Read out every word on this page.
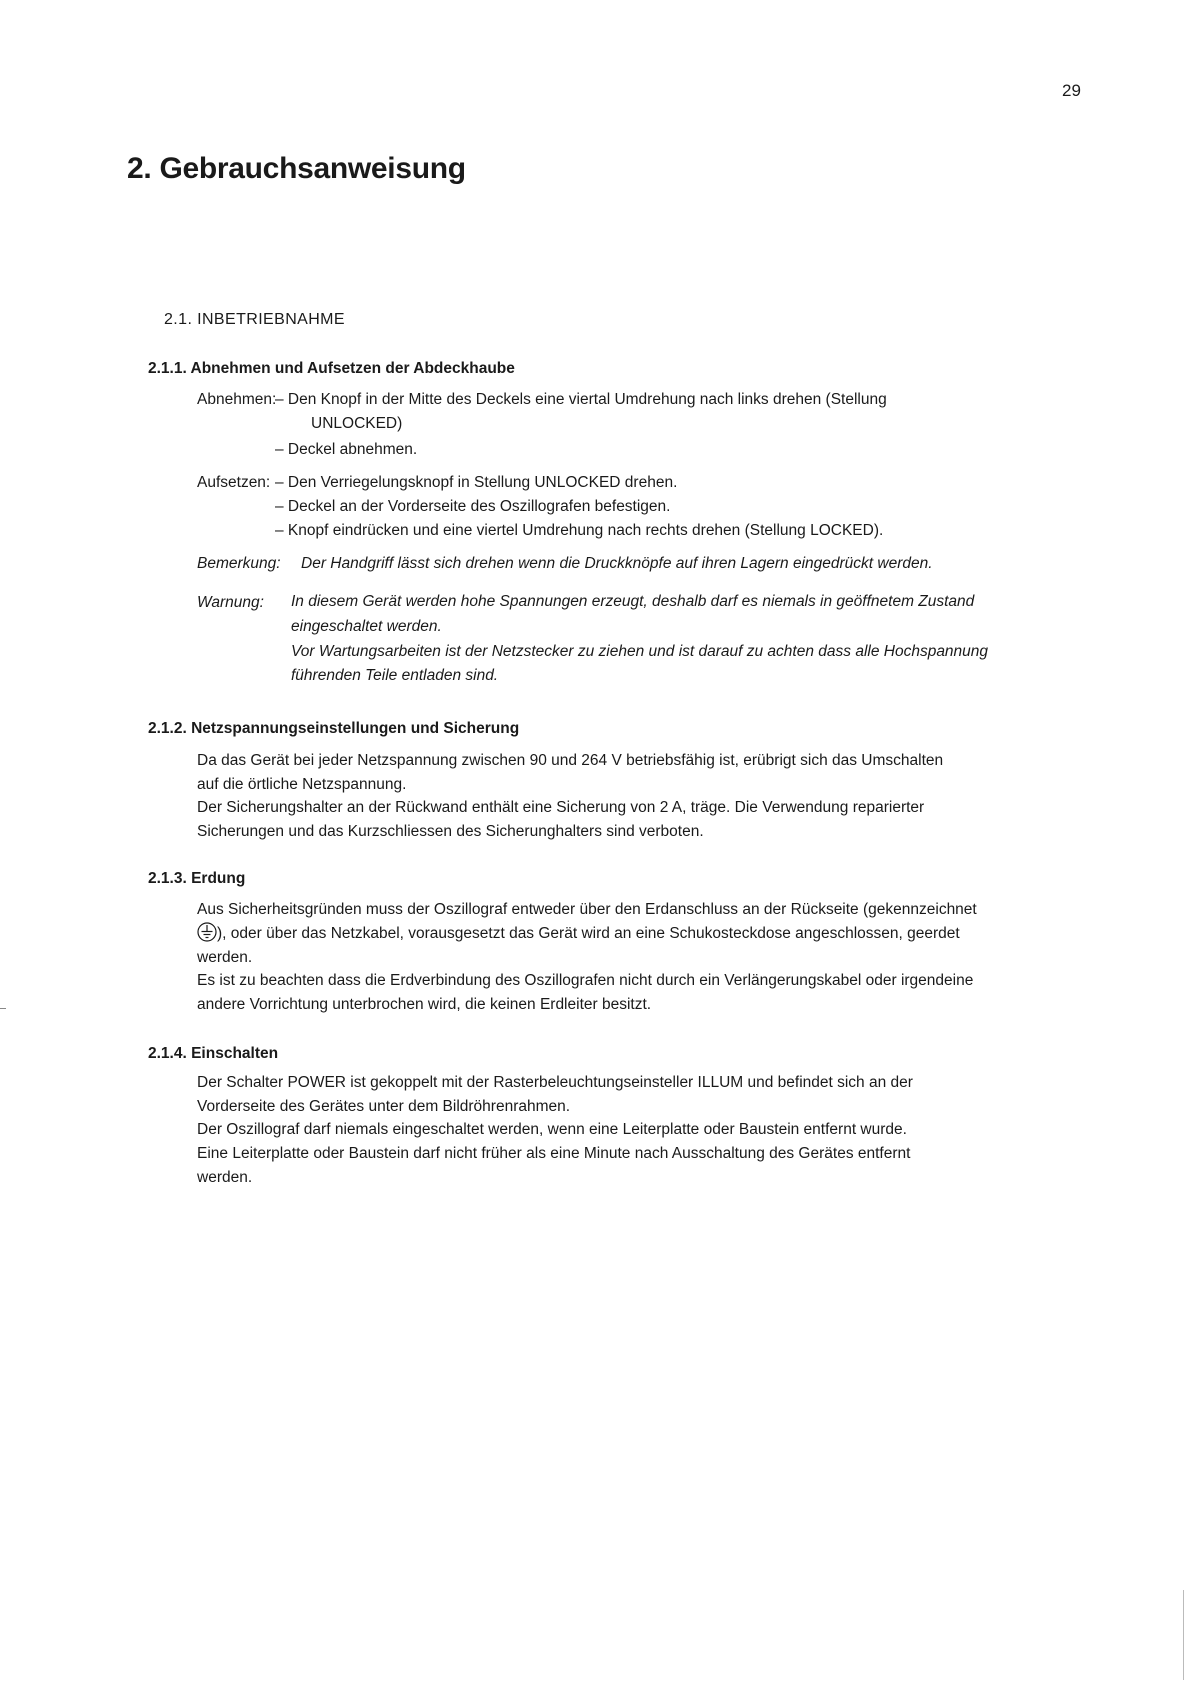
29
2. Gebrauchsanweisung
2.1. INBETRIEBNAHME
2.1.1. Abnehmen und Aufsetzen der Abdeckhaube
Abnehmen:
– Den Knopf in der Mitte des Deckels eine viertal Umdrehung nach links drehen (Stellung
UNLOCKED)
– Deckel abnehmen.
Aufsetzen: – Den Verriegelungsknopf in Stellung UNLOCKED drehen.
– Deckel an der Vorderseite des Oszillografen befestigen.
– Knopf eindrücken und eine viertel Umdrehung nach rechts drehen (Stellung LOCKED).
Bemerkung: Der Handgriff lässt sich drehen wenn die Druckknöpfe auf ihren Lagern eingedrückt werden.
Warnung: In diesem Gerät werden hohe Spannungen erzeugt, deshalb darf es niemals in geöffnetem Zustand
eingeschaltet werden.
Vor Wartungsarbeiten ist der Netzstecker zu ziehen und ist darauf zu achten dass alle Hochspannung
führenden Teile entladen sind.
2.1.2. Netzspannungseinstellungen und Sicherung
Da das Gerät bei jeder Netzspannung zwischen 90 und 264 V betriebsfähig ist, erübrigt sich das Umschalten
auf die örtliche Netzspannung.
Der Sicherungshalter an der Rückwand enthält eine Sicherung von 2 A, träge. Die Verwendung reparierter
Sicherungen und das Kurzschliessen des Sicherunghalters sind verboten.
2.1.3. Erdung
Aus Sicherheitsgründen muss der Oszillograf entweder über den Erdanschluss an der Rückseite (gekennzeichnet
), oder über das Netzkabel, vorausgesetzt das Gerät wird an eine Schukosteckdose angeschlossen, geerdet
werden.
Es ist zu beachten dass die Erdverbindung des Oszillografen nicht durch ein Verlängerungskabel oder irgendeine
andere Vorrichtung unterbrochen wird, die keinen Erdleiter besitzt.
2.1.4. Einschalten
Der Schalter POWER ist gekoppelt mit der Rasterbeleuchtungseinsteller ILLUM und befindet sich an der
Vorderseite des Gerätes unter dem Bildröhrenrahmen.
Der Oszillograf darf niemals eingeschaltet werden, wenn eine Leiterplatte oder Baustein entfernt wurde.
Eine Leiterplatte oder Baustein darf nicht früher als eine Minute nach Ausschaltung des Gerätes entfernt
werden.
